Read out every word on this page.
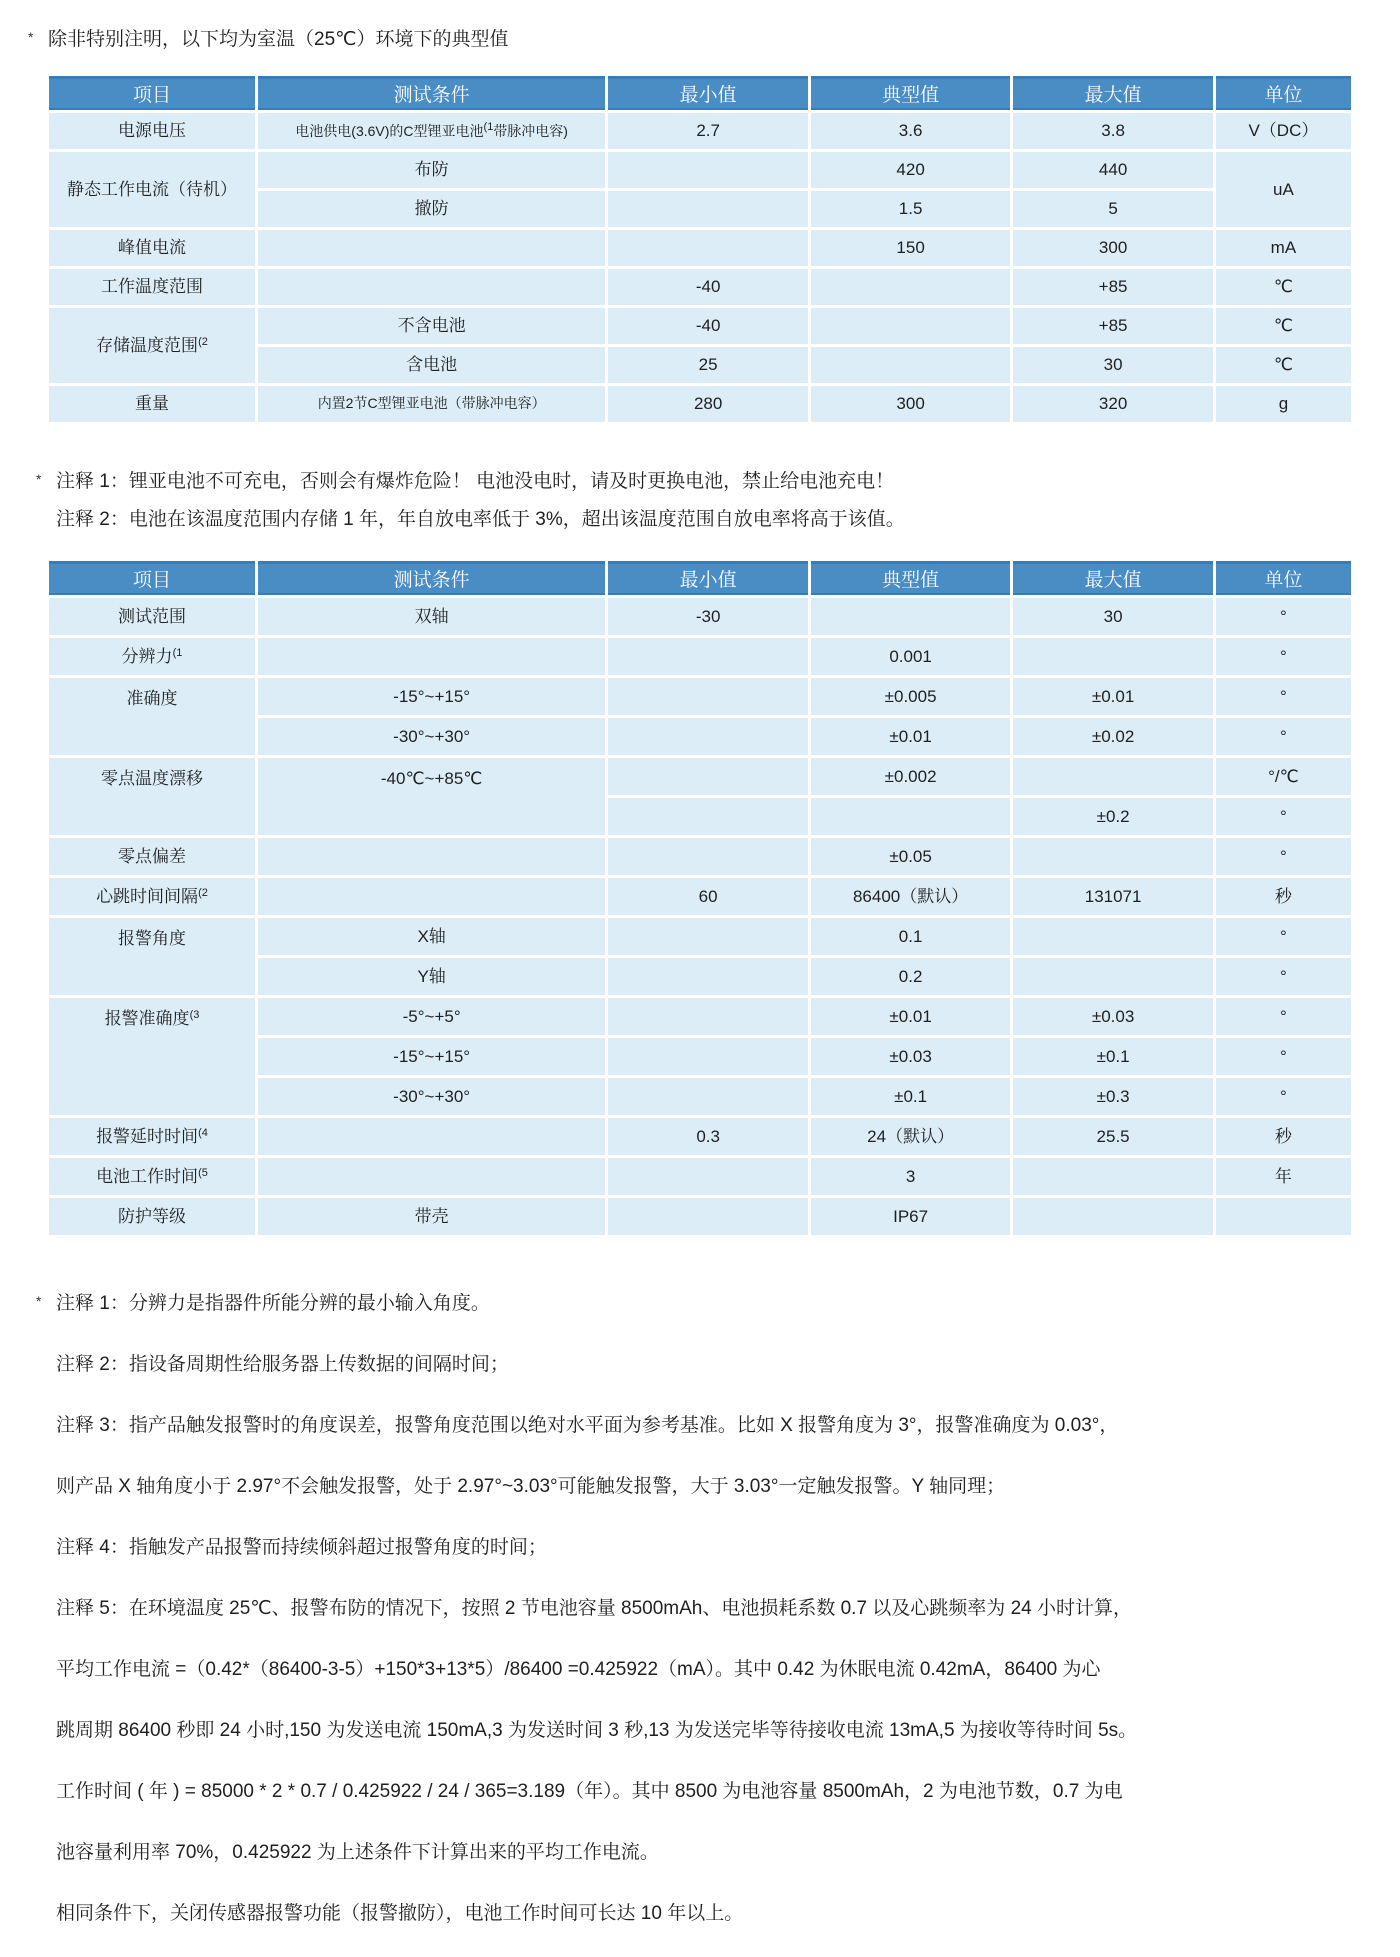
* 除非特别注明，以下均为室温（25℃）环境下的典型值
项目	测试条件	最小值	典型值	最大值	单位
电源电压	电池供电(3.6V)的C型锂亚电池$^{(1}$带脉冲电容)	2.7	3.6	3.8	V（DC）
静态工作电流（待机）	布防		420	440	uA
	撤防		1.5	5	
峰值电流			150	300	mA
工作温度范围		-40		+85	℃
存储温度范围$^{(2}$	不含电池	-40		+85	℃
	含电池	25		30	℃
重量	内置2节C型锂亚电池（带脉冲电容）	280	300	320	g
* 注释 1：锂亚电池不可充电，否则会有爆炸危险！ 电池没电时，请及时更换电池，禁止给电池充电！
注释 2：电池在该温度范围内存储 1 年，年自放电率低于 3%，超出该温度范围自放电率将高于该值。
项目	测试条件	最小值	典型值	最大值	单位
测试范围	双轴	-30		30	°
分辨力$^{(1}$			0.001		°
准确度	-15°~+15°		±0.005	±0.01	°
	-30°~+30°		±0.01	±0.02	°
零点温度漂移	-40℃~+85℃		±0.002		°/℃
				±0.2	°
零点偏差			±0.05		°
心跳时间间隔$^{(2}$		60	86400（默认）	131071	秒
报警角度	X轴		0.1		°
	Y轴		0.2		°
报警准确度$^{(3}$	-5°~+5°		±0.01	±0.03	°
	-15°~+15°		±0.03	±0.1	°
	-30°~+30°		±0.1	±0.3	°
报警延时时间$^{(4}$		0.3	24（默认）	25.5	秒
电池工作时间$^{(5}$			3		年
防护等级	带壳		IP67		
* 注释 1：分辨力是指器件所能分辨的最小输入角度。
注释 2：指设备周期性给服务器上传数据的间隔时间；
注释 3：指产品触发报警时的角度误差，报警角度范围以绝对水平面为参考基准。比如 X 报警角度为 3°，报警准确度为 0.03°，
则产品 X 轴角度小于 2.97°不会触发报警，处于 2.97°~3.03°可能触发报警，大于 3.03°一定触发报警。Y 轴同理；
注释 4：指触发产品报警而持续倾斜超过报警角度的时间；
注释 5：在环境温度 25℃、报警布防的情况下，按照 2 节电池容量 8500mAh、电池损耗系数 0.7 以及心跳频率为 24 小时计算，
平均工作电流 =（0.42*（86400-3-5）+150*3+13*5）/86400 =0.425922（mA）。其中 0.42 为休眠电流 0.42mA，86400 为心
跳周期 86400 秒即 24 小时,150 为发送电流 150mA,3 为发送时间 3 秒,13 为发送完毕等待接收电流 13mA,5 为接收等待时间 5s。
工作时间 ( 年 ) = 85000 * 2 * 0.7 / 0.425922 / 24 / 365=3.189（年）。其中 8500 为电池容量 8500mAh，2 为电池节数，0.7 为电
池容量利用率 70%，0.425922 为上述条件下计算出来的平均工作电流。
相同条件下，关闭传感器报警功能（报警撤防），电池工作时间可长达 10 年以上。
